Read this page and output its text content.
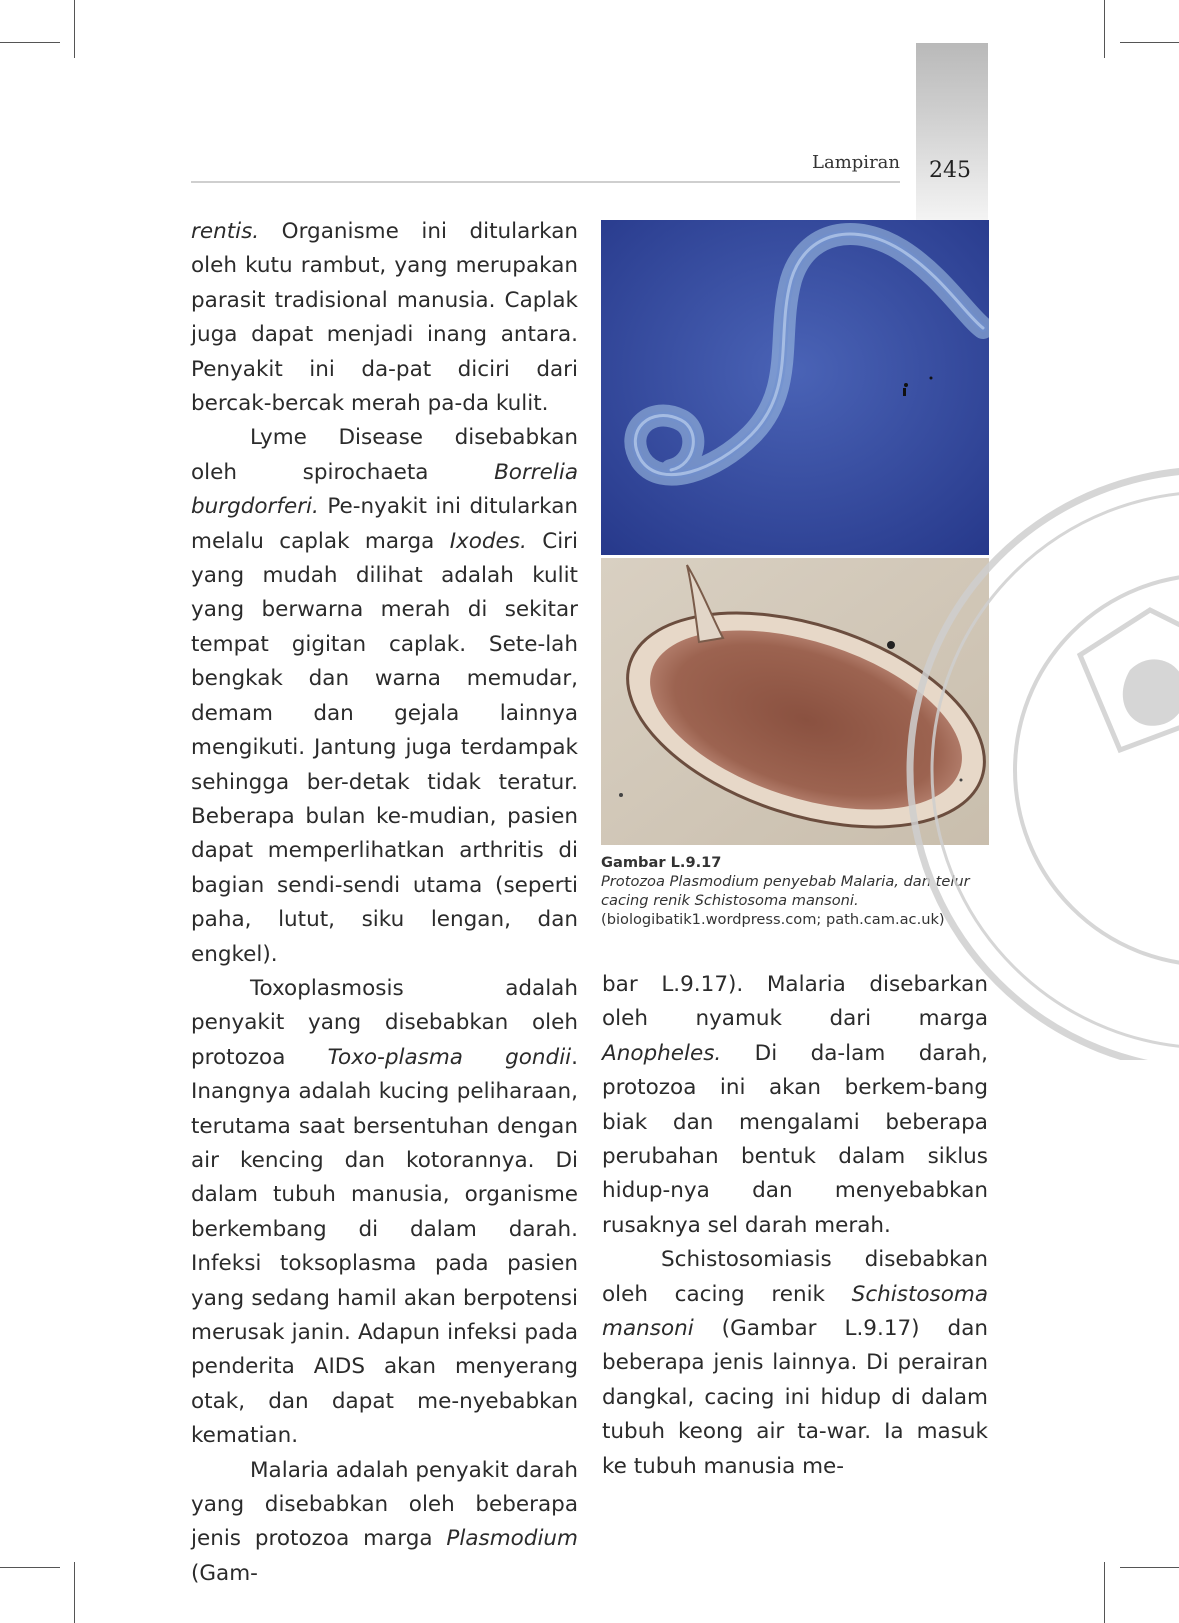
Lampiran	245

rentis. Organisme ini ditularkan oleh kutu rambut, yang merupakan parasit tradisional manusia. Caplak juga dapat menjadi inang antara. Penyakit ini da-pat diciri dari bercak-bercak merah pa-da kulit.

Lyme Disease disebabkan oleh spirochaeta Borrelia burgdorferi. Pe-nyakit ini ditularkan melalu caplak marga Ixodes. Ciri yang mudah dilihat adalah kulit yang berwarna merah di sekitar tempat gigitan caplak. Sete-lah bengkak dan warna memudar, demam dan gejala lainnya mengikuti. Jantung juga terdampak sehingga ber-detak tidak teratur. Beberapa bulan ke-mudian, pasien dapat memperlihatkan arthritis di bagian sendi-sendi utama (seperti paha, lutut, siku lengan, dan engkel).

Toxoplasmosis adalah penyakit yang disebabkan oleh protozoa Toxo-plasma gondii. Inangnya adalah kucing peliharaan, terutama saat bersentuhan dengan air kencing dan kotorannya. Di dalam tubuh manusia, organisme berkembang di dalam darah. Infeksi toksoplasma pada pasien yang sedang hamil akan berpotensi merusak janin. Adapun infeksi pada penderita AIDS akan menyerang otak, dan dapat me-nyebabkan kematian.

Malaria adalah penyakit darah yang disebabkan oleh beberapa jenis protozoa marga Plasmodium (Gam-

Gambar L.9.17
Protozoa Plasmodium penyebab Malaria, dan telur cacing renik Schistosoma mansoni.
(biologibatik1.wordpress.com; path.cam.ac.uk)

bar L.9.17). Malaria disebarkan oleh nyamuk dari marga Anopheles. Di da-lam darah, protozoa ini akan berkem-bang biak dan mengalami beberapa perubahan bentuk dalam siklus hidup-nya dan menyebabkan rusaknya sel darah merah.

Schistosomiasis disebabkan oleh cacing renik Schistosoma mansoni (Gambar L.9.17) dan beberapa jenis lainnya. Di perairan dangkal, cacing ini hidup di dalam tubuh keong air ta-war. Ia masuk ke tubuh manusia me-
